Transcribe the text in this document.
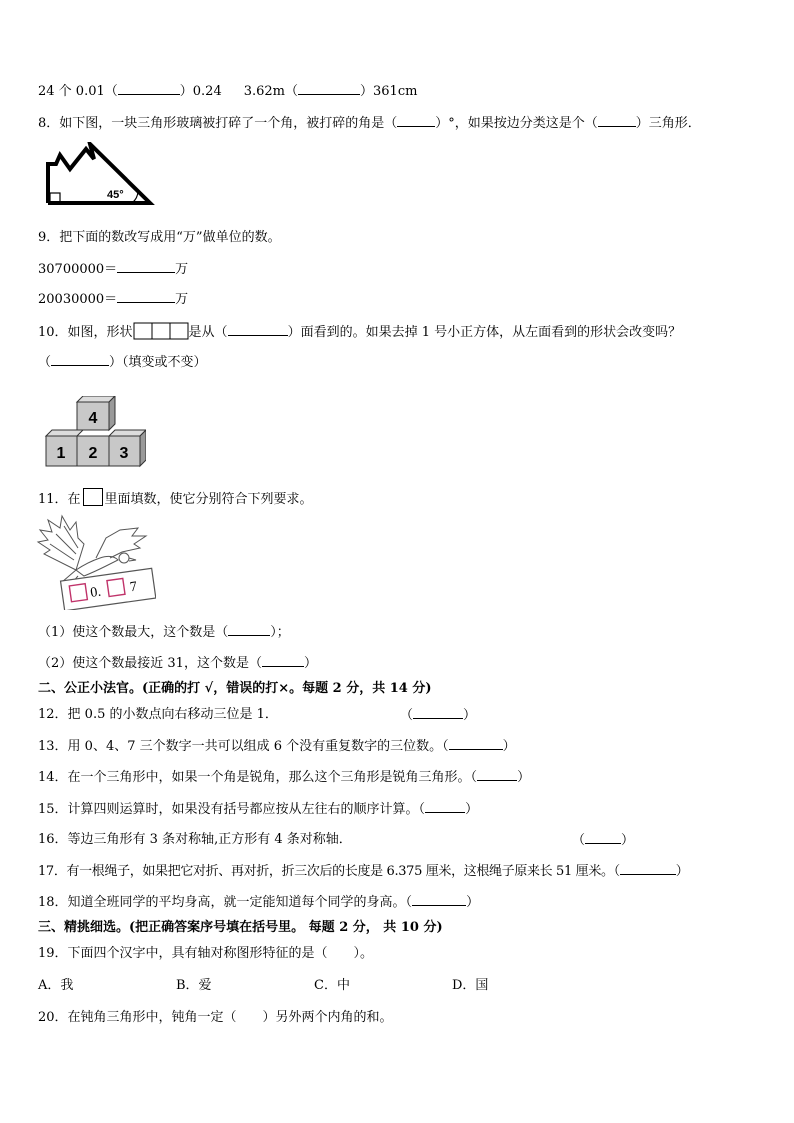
24 个 0.01（	）0.24 3.62m（	）361cm
8．如下图，一块三角形玻璃被打碎了一个角，被打碎的角是（	）°，如果按边分类这是个（	）三角形．
45°
9．把下面的数改写成用“万”做单位的数。
30700000＝	万
20030000＝	万
10．如图，形状	是从（	）面看到的。如果去掉 1 号小正方体，从左面看到的形状会改变吗？
（	）（填变或不变）
4
1 2 3
11．在 里面填数，使它分别符合下列要求。
0. 7
（1）使这个数最大，这个数是（	）；
（2）使这个数最接近 31，这个数是（	）
二、公正小法官。(正确的打 √，错误的打×。每题 2 分，共 14 分)
12．把 0.5 的小数点向右移动三位是 1．	（	）
13．用 0、4、7 三个数字一共可以组成 6 个没有重复数字的三位数。（	）
14．在一个三角形中，如果一个角是锐角，那么这个三角形是锐角三角形。（	）
15．计算四则运算时，如果没有括号都应按从左往右的顺序计算。（	）
16．等边三角形有 3 条对称轴,正方形有 4 条对称轴．	（	）
17．有一根绳子，如果把它对折、再对折，折三次后的长度是 6.375 厘米，这根绳子原来长 51 厘米。（	）
18．知道全班同学的平均身高，就一定能知道每个同学的身高。（	）
三、精挑细选。(把正确答案序号填在括号里。 每题 2 分， 共 10 分)
19．下面四个汉字中，具有轴对称图形特征的是（　　）。
A．我	B．爱	C．中	D．国
20．在钝角三角形中，钝角一定（　　）另外两个内角的和。
